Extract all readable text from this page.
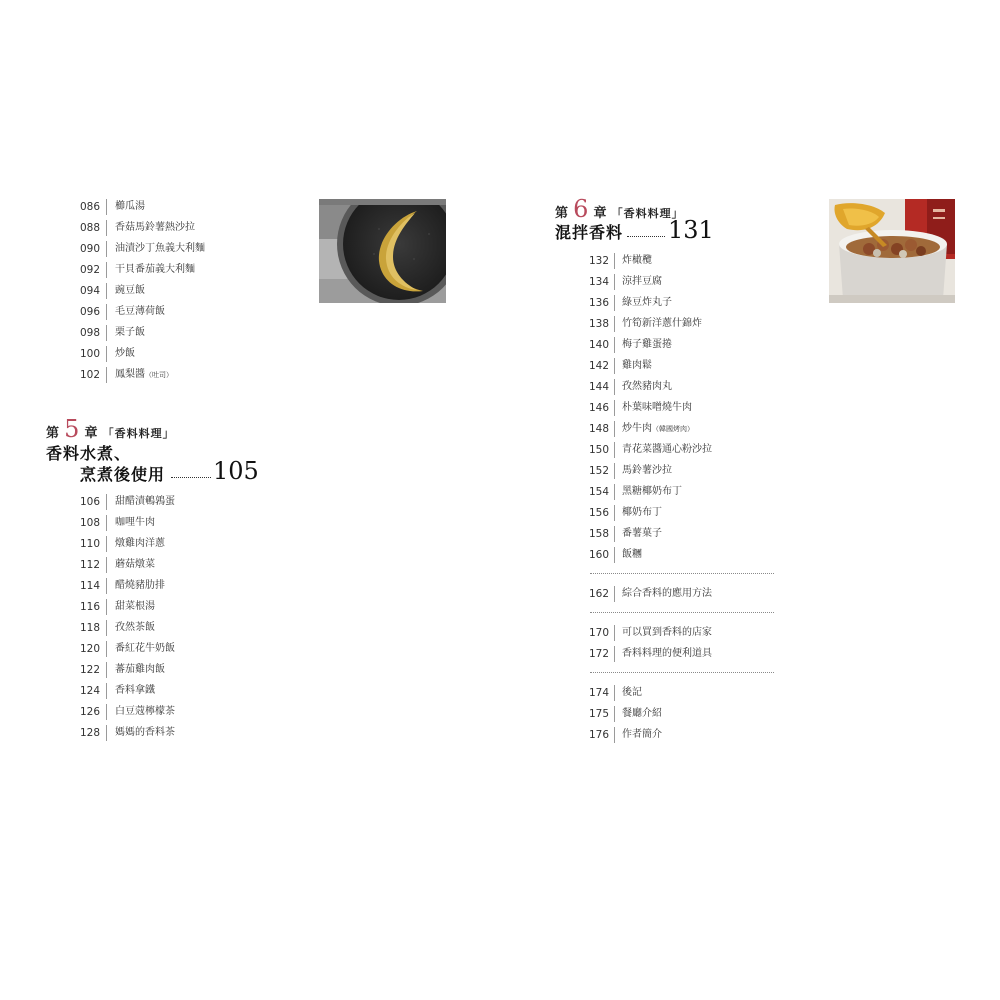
086 櫛瓜湯
088 香菇馬鈴薯熱沙拉
090 油漬沙丁魚義大利麵
092 干貝番茄義大利麵
094 豌豆飯
096 毛豆薄荷飯
098 栗子飯
100 炒飯
102 鳳梨醬（吐司）
第 5 章 「香料料理」
香料水煮、
烹煮後使用 105
106 甜醋漬鵪鶉蛋
108 咖哩牛肉
110 燉雞肉洋蔥
112 蘑菇燉菜
114 醋燒豬肋排
116 甜菜根湯
118 孜然茶飯
120 番紅花牛奶飯
122 蕃茄雞肉飯
124 香料拿鐵
126 白豆蔻檸檬茶
128 媽媽的香料茶
第 6 章 「香料料理」
混拌香料 131
132 炸橄欖
134 涼拌豆腐
136 綠豆炸丸子
138 竹筍新洋蔥什錦炸
140 梅子雞蛋捲
142 雞肉鬆
144 孜然豬肉丸
146 朴葉味噌燒牛肉
148 炒牛肉（韓國烤肉）
150 青花菜醬通心粉沙拉
152 馬鈴薯沙拉
154 黑糖椰奶布丁
156 椰奶布丁
158 番薯菓子
160 飯糰
162 綜合香料的應用方法
170 可以買到香料的店家
172 香料料理的便利道具
174 後記
175 餐廳介紹
176 作者簡介
